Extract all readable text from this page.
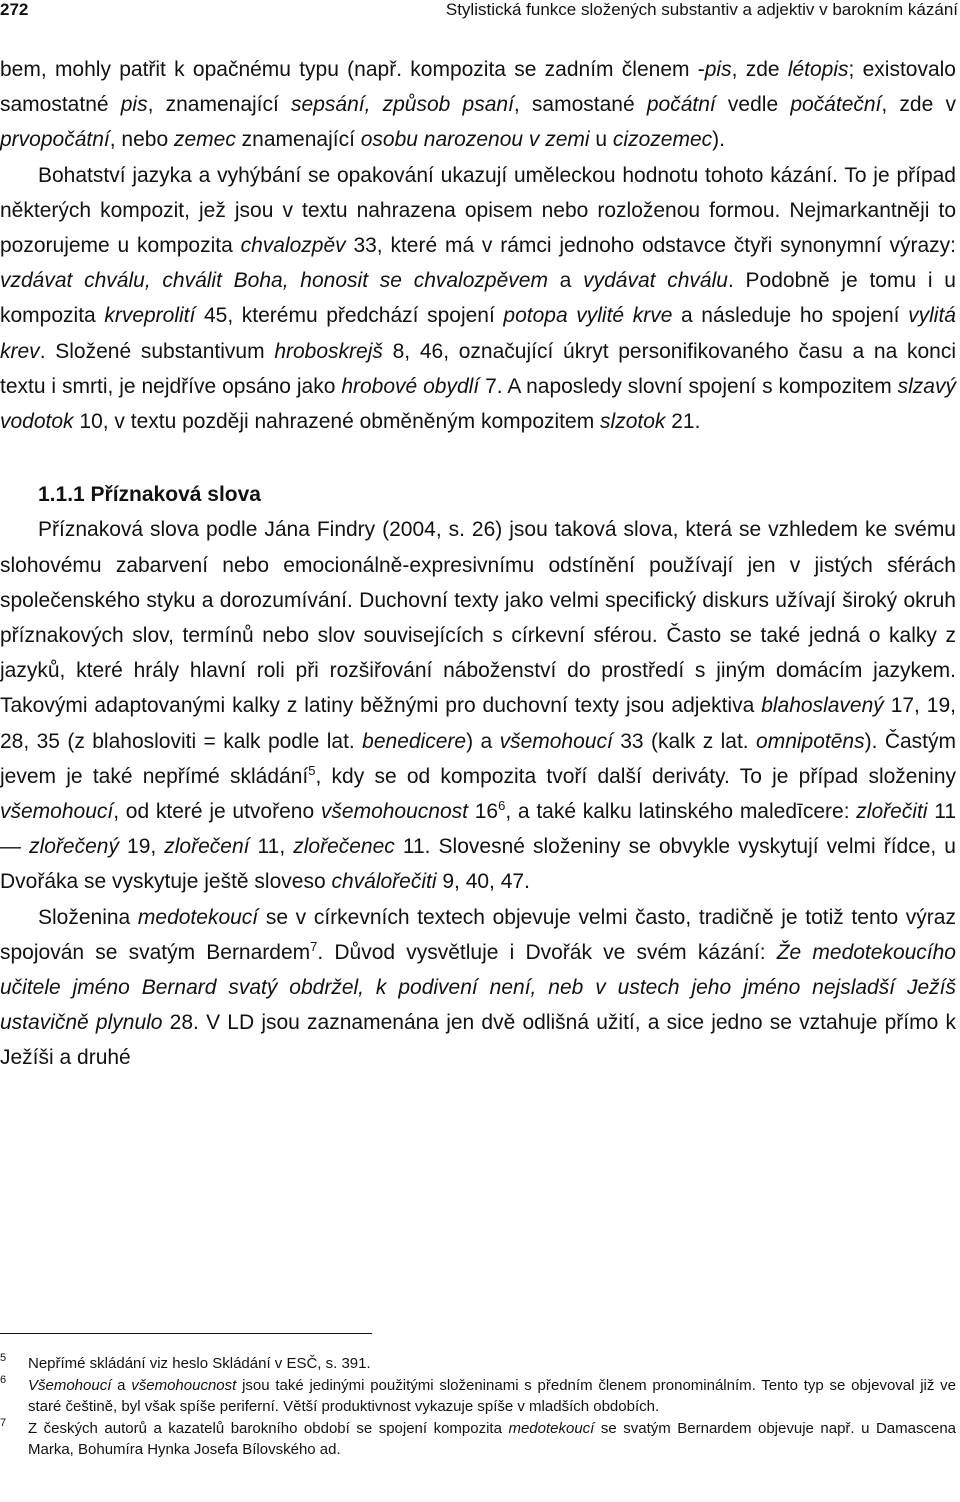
272	Stylistická funkce složených substantiv a adjektiv v barokním kázání

bem, mohly patřit k opačnému typu (např. kompozita se zadním členem -pis, zde létopis; existovalo samostatné pis, znamenající sepsání, způsob psaní, samostané počátní vedle počáteční, zde v prvopočátní, nebo zemec znamenající osobu narozenou v zemi u cizozemec).

Bohatství jazyka a vyhýbání se opakování ukazují uměleckou hodnotu tohoto kázání. To je případ některých kompozit, jež jsou v textu nahrazena opisem nebo rozloženou formou. Nejmarkantněji to pozorujeme u kompozita chvalozpěv 33, které má v rámci jednoho odstavce čtyři synonymní výrazy: vzdávat chválu, chválit Boha, honosit se chvalozpěvem a vydávat chválu. Podobně je tomu i u kompozita krveprolití 45, kterému předchází spojení potopa vylité krve a následuje ho spojení vylitá krev. Složené substantivum hroboskrejš 8, 46, označující úkryt personifikovaného času a na konci textu i smrti, je nejdříve opsáno jako hrobové obydlí 7. A naposledy slovní spojení s kompozitem slzavý vodotok 10, v textu později nahrazené obměněným kompozitem slzotok 21.

1.1.1 Příznaková slova

Příznaková slova podle Jána Findry (2004, s. 26) jsou taková slova, která se vzhledem ke svému slohovému zabarvení nebo emocionálně-expresivnímu odstínění používají jen v jistých sférách společenského styku a dorozumívání. Duchovní texty jako velmi specifický diskurs užívají široký okruh příznakových slov, termínů nebo slov souvisejících s církevní sférou. Často se také jedná o kalky z jazyků, které hrály hlavní roli při rozšiřování náboženství do prostředí s jiným domácím jazykem. Takovými adaptovanými kalky z latiny běžnými pro duchovní texty jsou adjektiva blahoslavený 17, 19, 28, 35 (z blahosloviti = kalk podle lat. benedicere) a všemohoucí 33 (kalk z lat. omnipotēns). Častým jevem je také nepřímé skládání$^5$, kdy se od kompozita tvoří další deriváty. To je případ složeniny všemohoucí, od které je utvořeno všemohoucnost $16^6$, a také kalku latinského maledīcere: zlořečiti 11 — zlořečený 19, zlořečení 11, zlořečenec 11. Slovesné složeniny se obvykle vyskytují velmi řídce, u Dvořáka se vyskytuje ještě sloveso chválořečiti 9, 40, 47.

Složenina medotekoucí se v církevních textech objevuje velmi často, tradičně je totiž tento výraz spojován se svatým Bernardem$^7$. Důvod vysvětluje i Dvořák ve svém kázání: Že medotekoucího učitele jméno Bernard svatý obdržel, k podivení není, neb v ustech jeho jméno nejsladší Ježíš ustavičně plynulo 28. V LD jsou zaznamenána jen dvě odlišná užití, a sice jedno se vztahuje přímo k Ježíši a druhé

5 Nepřímé skládání viz heslo Skládání v ESČ, s. 391.

6 Všemohoucí a všemohoucnost jsou také jedinými použitými složeninami s předním členem pronominálním. Tento typ se objevoval již ve staré češtině, byl však spíše periferní. Větší produktivnost vykazuje spíše v mladších obdobích.

7 Z českých autorů a kazatelů barokního období se spojení kompozita medotekoucí se svatým Bernardem objevuje např. u Damascena Marka, Bohumíra Hynka Josefa Bílovského ad.
